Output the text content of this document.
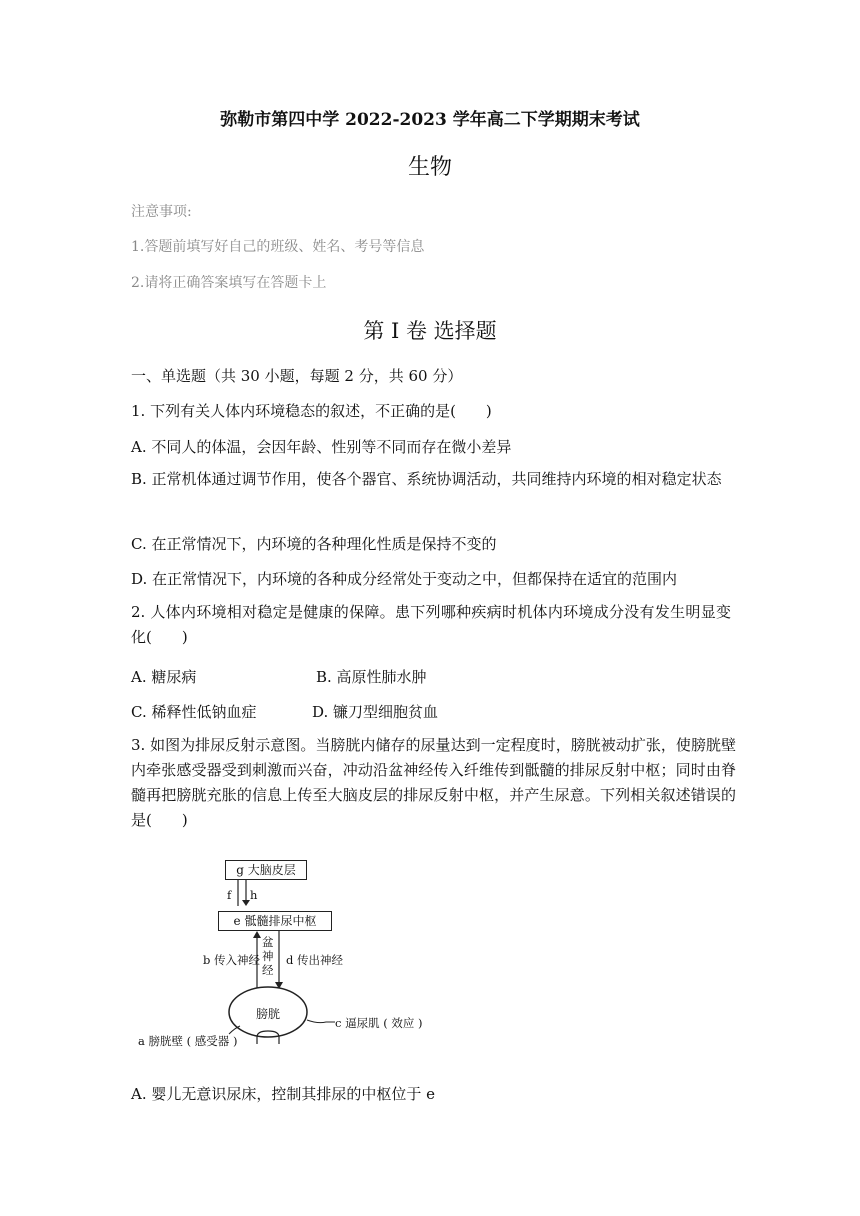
弥勒市第四中学 2022-2023 学年高二下学期期末考试
生物
注意事项:
1.答题前填写好自己的班级、姓名、考号等信息
2.请将正确答案填写在答题卡上
第 Ⅰ 卷 选择题
一、单选题（共 30 小题，每题 2 分，共 60 分）
1. 下列有关人体内环境稳态的叙述，不正确的是(　　)
A. 不同人的体温，会因年龄、性别等不同而存在微小差异
B. 正常机体通过调节作用，使各个器官、系统协调活动，共同维持内环境的相对稳定状态
C. 在正常情况下，内环境的各种理化性质是保持不变的
D. 在正常情况下，内环境的各种成分经常处于变动之中，但都保持在适宜的范围内
2. 人体内环境相对稳定是健康的保障。患下列哪种疾病时机体内环境成分没有发生明显变化(　　)
A. 糖尿病	B. 高原性肺水肿
C. 稀释性低钠血症	D. 镰刀型细胞贫血
3. 如图为排尿反射示意图。当膀胱内储存的尿量达到一定程度时，膀胱被动扩张，使膀胱壁内牵张感受器受到刺激而兴奋，冲动沿盆神经传入纤维传到骶髓的排尿反射中枢；同时由脊髓再把膀胱充胀的信息上传至大脑皮层的排尿反射中枢，并产生尿意。下列相关叙述错误的是(　　)
g 大脑皮层
f h
e 骶髓排尿中枢
b 传入神经 d 传出神经
盆
神
经
膀胱
c 逼尿肌 ( 效应 )
a 膀胱壁 ( 感受器 )
A. 婴儿无意识尿床，控制其排尿的中枢位于 e
